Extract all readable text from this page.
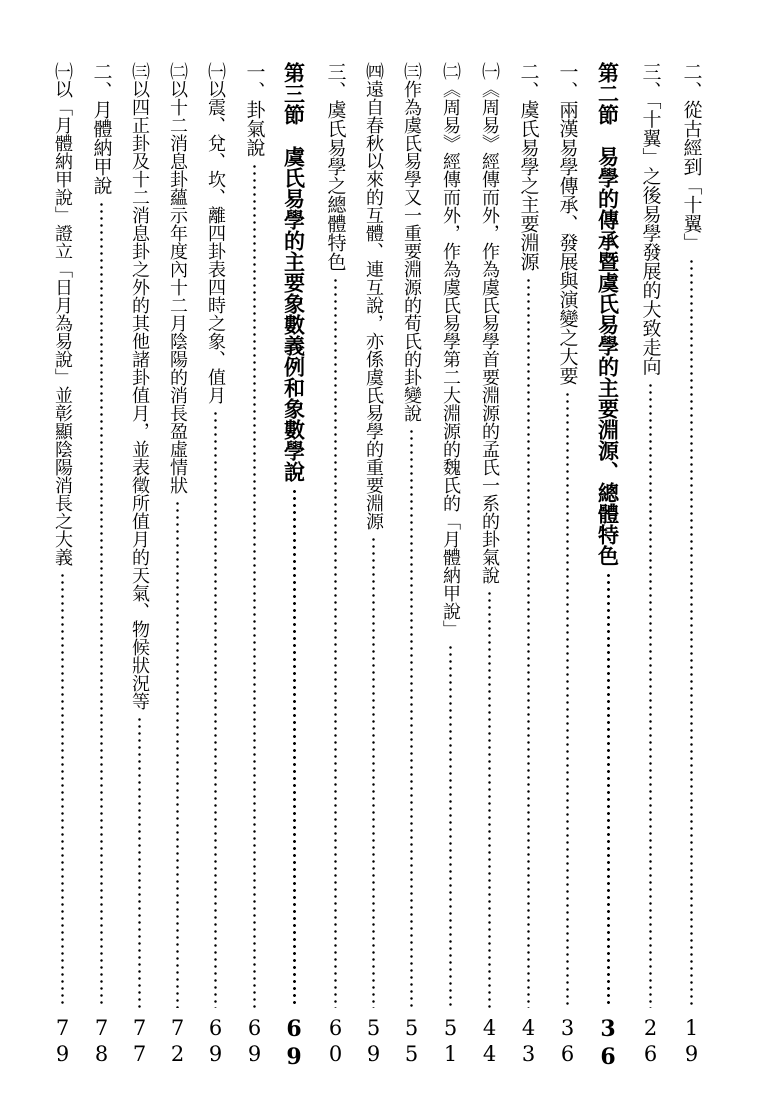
二、從古經到「十翼」
19
三、「十翼」之後易學發展的大致走向
26
第二節　易學的傳承暨虞氏易學的主要淵源、總體特色
36
一、兩漢易學傳承、發展與演變之大要
36
二、虞氏易學之主要淵源
43
㈠《周易》經傳而外，作為虞氏易學首要淵源的孟氏一系的卦氣說
44
㈡《周易》經傳而外，作為虞氏易學第二大淵源的魏氏的「月體納甲說」
51
㈢作為虞氏易學又一重要淵源的荀氏的卦變說
55
㈣遠自春秋以來的互體、連互說，亦係虞氏易學的重要淵源
59
三、虞氏易學之總體特色
60
第三節　虞氏易學的主要象數義例和象數學說
69
一、卦氣說
69
㈠以震、兌、坎、離四卦表四時之象、值月
69
㈡以十二消息卦蘊示年度內十二月陰陽的消長盈虛情狀
72
㈢以四正卦及十二消息卦之外的其他諸卦值月，並表徵所值月的天氣、物候狀況等
77
二、月體納甲說
78
㈠以「月體納甲說」證立「日月為易說」並彰顯陰陽消長之大義
79
